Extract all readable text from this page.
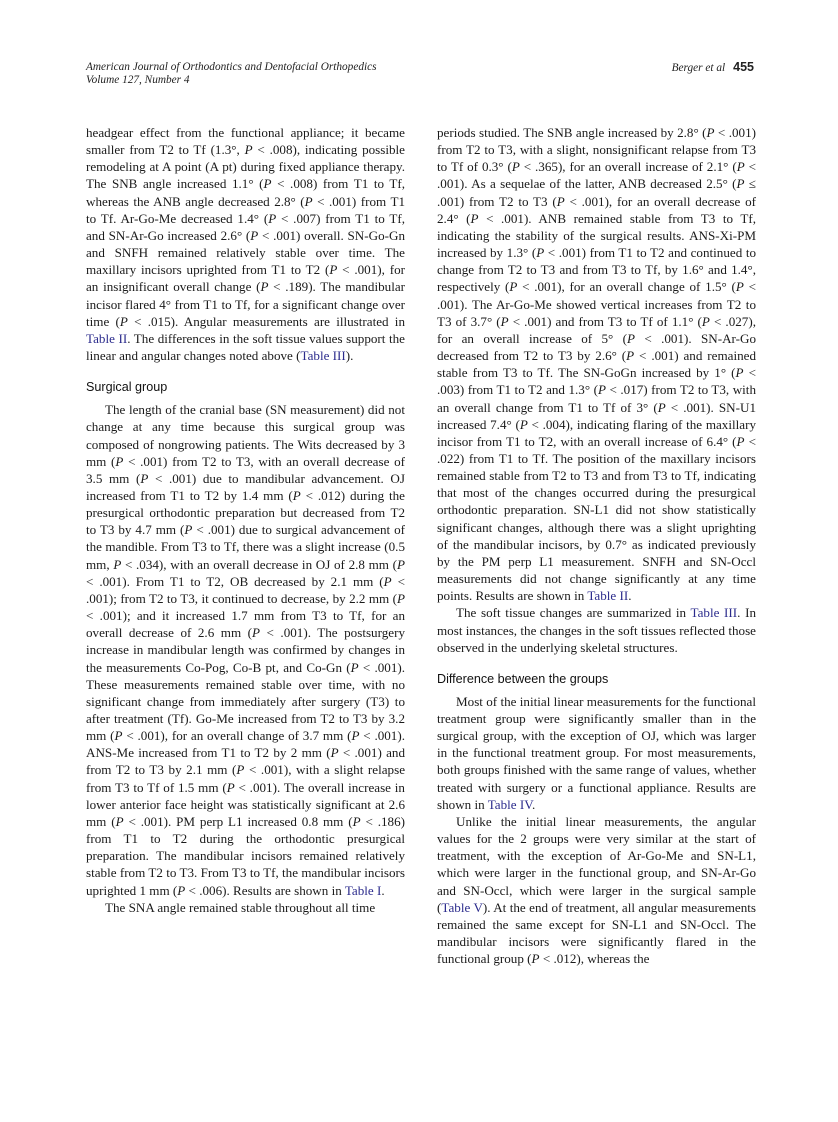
American Journal of Orthodontics and Dentofacial Orthopedics
Volume 127, Number 4
Berger et al 455

headgear effect from the functional appliance; it became smaller from T2 to Tf (1.3°, P < .008), indicating possible remodeling at A point (A pt) during fixed appliance therapy. The SNB angle increased 1.1° (P < .008) from T1 to Tf, whereas the ANB angle decreased 2.8° (P < .001) from T1 to Tf. Ar-Go-Me decreased 1.4° (P < .007) from T1 to Tf, and SN-Ar-Go increased 2.6° (P < .001) overall. SN-Go-Gn and SNFH remained relatively stable over time. The maxillary incisors uprighted from T1 to T2 (P < .001), for an insignificant overall change (P < .189). The mandibular incisor flared 4° from T1 to Tf, for a significant change over time (P < .015). Angular measurements are illustrated in Table II. The differences in the soft tissue values support the linear and angular changes noted above (Table III).

Surgical group

The length of the cranial base (SN measurement) did not change at any time because this surgical group was composed of nongrowing patients. The Wits decreased by 3 mm (P < .001) from T2 to T3, with an overall decrease of 3.5 mm (P < .001) due to mandibular advancement. OJ increased from T1 to T2 by 1.4 mm (P < .012) during the presurgical orthodontic preparation but decreased from T2 to T3 by 4.7 mm (P < .001) due to surgical advancement of the mandible. From T3 to Tf, there was a slight increase (0.5 mm, P < .034), with an overall decrease in OJ of 2.8 mm (P < .001). From T1 to T2, OB decreased by 2.1 mm (P < .001); from T2 to T3, it continued to decrease, by 2.2 mm (P < .001); and it increased 1.7 mm from T3 to Tf, for an overall decrease of 2.6 mm (P < .001). The postsurgery increase in mandibular length was confirmed by changes in the measurements Co-Pog, Co-B pt, and Co-Gn (P < .001). These measurements remained stable over time, with no significant change from immediately after surgery (T3) to after treatment (Tf). Go-Me increased from T2 to T3 by 3.2 mm (P < .001), for an overall change of 3.7 mm (P < .001). ANS-Me increased from T1 to T2 by 2 mm (P < .001) and from T2 to T3 by 2.1 mm (P < .001), with a slight relapse from T3 to Tf of 1.5 mm (P < .001). The overall increase in lower anterior face height was statistically significant at 2.6 mm (P < .001). PM perp L1 increased 0.8 mm (P < .186) from T1 to T2 during the orthodontic presurgical preparation. The mandibular incisors remained relatively stable from T2 to T3. From T3 to Tf, the mandibular incisors uprighted 1 mm (P < .006). Results are shown in Table I.

The SNA angle remained stable throughout all time

periods studied. The SNB angle increased by 2.8° (P < .001) from T2 to T3, with a slight, nonsignificant relapse from T3 to Tf of 0.3° (P < .365), for an overall increase of 2.1° (P < .001). As a sequelae of the latter, ANB decreased 2.5° (P ≤ .001) from T2 to T3 (P < .001), for an overall decrease of 2.4° (P < .001). ANB remained stable from T3 to Tf, indicating the stability of the surgical results. ANS-Xi-PM increased by 1.3° (P < .001) from T1 to T2 and continued to change from T2 to T3 and from T3 to Tf, by 1.6° and 1.4°, respectively (P < .001), for an overall change of 1.5° (P < .001). The Ar-Go-Me showed vertical increases from T2 to T3 of 3.7° (P < .001) and from T3 to Tf of 1.1° (P < .027), for an overall increase of 5° (P < .001). SN-Ar-Go decreased from T2 to T3 by 2.6° (P < .001) and remained stable from T3 to Tf. The SN-GoGn increased by 1° (P < .003) from T1 to T2 and 1.3° (P < .017) from T2 to T3, with an overall change from T1 to Tf of 3° (P < .001). SN-U1 increased 7.4° (P < .004), indicating flaring of the maxillary incisor from T1 to T2, with an overall increase of 6.4° (P < .022) from T1 to Tf. The position of the maxillary incisors remained stable from T2 to T3 and from T3 to Tf, indicating that most of the changes occurred during the presurgical orthodontic preparation. SN-L1 did not show statistically significant changes, although there was a slight uprighting of the mandibular incisors, by 0.7° as indicated previously by the PM perp L1 measurement. SNFH and SN-Occl measurements did not change significantly at any time points. Results are shown in Table II.

The soft tissue changes are summarized in Table III. In most instances, the changes in the soft tissues reflected those observed in the underlying skeletal structures.

Difference between the groups

Most of the initial linear measurements for the functional treatment group were significantly smaller than in the surgical group, with the exception of OJ, which was larger in the functional treatment group. For most measurements, both groups finished with the same range of values, whether treated with surgery or a functional appliance. Results are shown in Table IV.

Unlike the initial linear measurements, the angular values for the 2 groups were very similar at the start of treatment, with the exception of Ar-Go-Me and SN-L1, which were larger in the functional group, and SN-Ar-Go and SN-Occl, which were larger in the surgical sample (Table V). At the end of treatment, all angular measurements remained the same except for SN-L1 and SN-Occl. The mandibular incisors were significantly flared in the functional group (P < .012), whereas the
